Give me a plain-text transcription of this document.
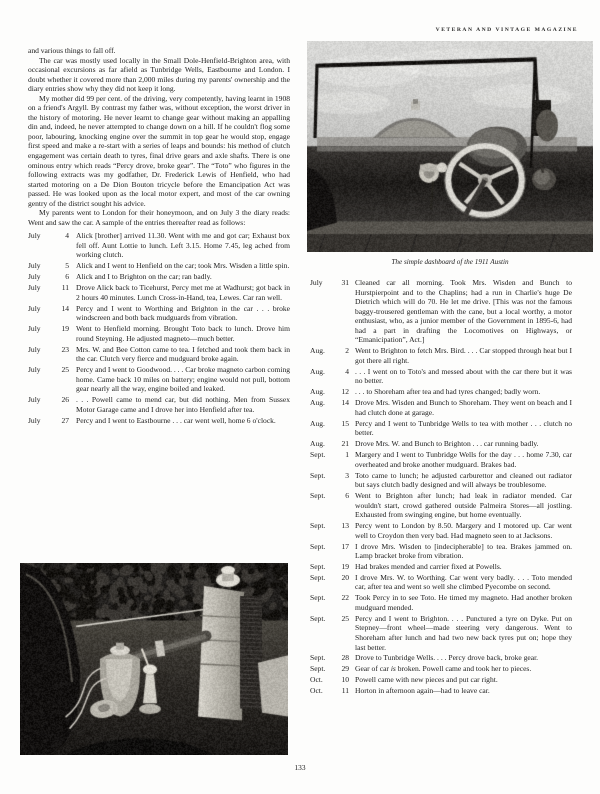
VETERAN AND VINTAGE MAGAZINE
The simple dashboard of the 1911 Austin

and various things to fall off.

The car was mostly used locally in the Small Dole-Henfield-Brighton area, with occasional excursions as far afield as Tunbridge Wells, Eastbourne and London. I doubt whether it covered more than 2,000 miles during my parents' ownership and the diary entries show why they did not keep it long.

My mother did 99 per cent. of the driving, very competently, having learnt in 1908 on a friend's Argyll. By contrast my father was, without exception, the worst driver in the history of motoring. He never learnt to change gear without making an appalling din and, indeed, he never attempted to change down on a hill. If he couldn't flog some poor, labouring, knocking engine over the summit in top gear he would stop, engage first speed and make a re-start with a series of leaps and bounds: his method of clutch engagement was certain death to tyres, final drive gears and axle shafts. There is one ominous entry which reads “Percy drove, broke gear”. The “Toto” who figures in the following extracts was my godfather, Dr. Frederick Lewis of Henfield, who had started motoring on a De Dion Bouton tricycle before the Emancipation Act was passed. He was looked upon as the local motor expert, and most of the car owning gentry of the district sought his advice.

My parents went to London for their honeymoon, and on July 3 the diary reads: Went and saw the car. A sample of the entries thereafter read as follows:

July	4	Alick [brother] arrived 11.30. Went with me and got car; Exhaust box fell off. Aunt Lottie to lunch. Left 3.15. Home 7.45, leg ached from working clutch.
July	5	Alick and I went to Henfield on the car; took Mrs. Wisden a little spin.
July	6	Alick and I to Brighton on the car; ran badly.
July	11	Drove Alick back to Ticehurst, Percy met me at Wadhurst; got back in 2 hours 40 minutes. Lunch Cross-in-Hand, tea, Lewes. Car ran well.
July	14	Percy and I went to Worthing and Brighton in the car . . . broke windscreen and both back mudguards from vibration.
July	19	Went to Henfield morning. Brought Toto back to lunch. Drove him round Steyning. He adjusted magneto—much better.
July	23	Mrs. W. and Bee Cotton came to tea. I fetched and took them back in the car. Clutch very fierce and mudguard broke again.
July	25	Percy and I went to Goodwood. . . . Car broke magneto carbon coming home. Came back 10 miles on battery; engine would not pull, bottom gear nearly all the way, engine boiled and leaked.
July	26	. . . Powell came to mend car, but did nothing. Men from Sussex Motor Garage came and I drove her into Henfield after tea.
July	27	Percy and I went to Eastbourne . . . car went well, home 6 o'clock.
July	31	Cleaned car all morning. Took Mrs. Wisden and Bunch to Hurstpierpoint and to the Chaplins; had a run in Charlie's huge De Dietrich which will do 70. He let me drive. [This was not the famous baggy-trousered gentleman with the cane, but a local worthy, a motor enthusiast, who, as a junior member of the Government in 1895-6, had had a part in drafting the Locomotives on Highways, or “Emanicipation”, Act.]
Aug.	2	Went to Brighton to fetch Mrs. Bird. . . . Car stopped through heat but I got there all right.
Aug.	4	. . . I went on to Toto's and messed about with the car there but it was no better.
Aug.	12	. . . to Shoreham after tea and had tyres changed; badly worn.
Aug.	14	Drove Mrs. Wisden and Bunch to Shoreham. They went on beach and I had clutch done at garage.
Aug.	15	Percy and I went to Tunbridge Wells to tea with mother . . . clutch no better.
Aug.	21	Drove Mrs. W. and Bunch to Brighton . . . car running badly.
Sept.	1	Margery and I went to Tunbridge Wells for the day . . . home 7.30, car overheated and broke another mudguard. Brakes bad.
Sept.	3	Toto came to lunch; he adjusted carburettor and cleaned out radiator but says clutch badly designed and will always be troublesome.
Sept.	6	Went to Brighton after lunch; had leak in radiator mended. Car wouldn't start, crowd gathered outside Palmeira Stores—all jostling. Exhausted from swinging engine, but home eventually.
Sept.	13	Percy went to London by 8.50. Margery and I motored up. Car went well to Croydon then very bad. Had magneto seen to at Jacksons.
Sept.	17	I drove Mrs. Wisden to [indecipherable] to tea. Brakes jammed on. Lamp bracket broke from vibration.
Sept.	19	Had brakes mended and carrier fixed at Powells.
Sept.	20	I drove Mrs. W. to Worthing. Car went very badly. . . . Toto mended car, after tea and went so well she climbed Pyecombe on second.
Sept.	22	Took Percy in to see Toto. He timed my magneto. Had another broken mudguard mended.
Sept.	25	Percy and I went to Brighton. . . . Punctured a tyre on Dyke. Put on Stepney—front wheel—made steering very dangerous. Went to Shoreham after lunch and had two new back tyres put on; hope they last better.
Sept.	28	Drove to Tunbridge Wells. . . . Percy drove back, broke gear.
Sept.	29	Gear of car is broken. Powell came and took her to pieces.
Oct.	10	Powell came with new pieces and put car right.
Oct.	11	Horton in afternoon again—had to leave car.
133
